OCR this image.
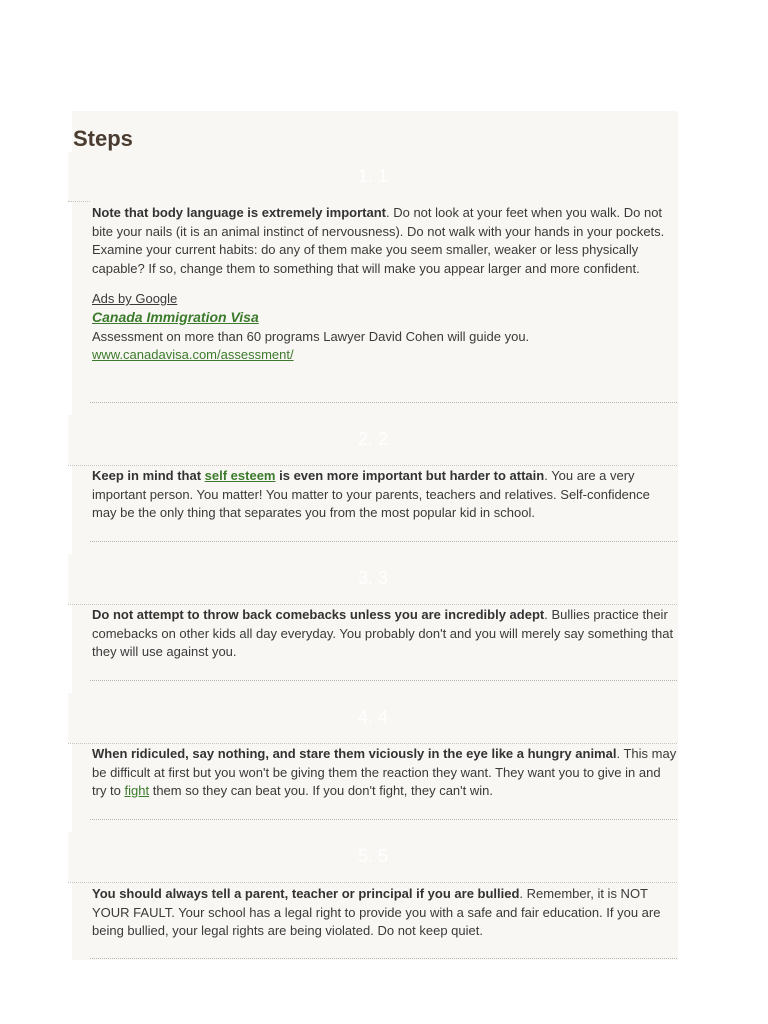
Steps
1. 1

Note that body language is extremely important. Do not look at your feet when you walk. Do not bite your nails (it is an animal instinct of nervousness). Do not walk with your hands in your pockets. Examine your current habits: do any of them make you seem smaller, weaker or less physically capable? If so, change them to something that will make you appear larger and more confident.

Ads by Google
Canada Immigration Visa
Assessment on more than 60 programs Lawyer David Cohen will guide you.
www.canadavisa.com/assessment/
2. 2

Keep in mind that self esteem is even more important but harder to attain. You are a very important person. You matter! You matter to your parents, teachers and relatives. Self-confidence may be the only thing that separates you from the most popular kid in school.

3. 3

Do not attempt to throw back comebacks unless you are incredibly adept. Bullies practice their comebacks on other kids all day everyday. You probably don't and you will merely say something that they will use against you.

4. 4

When ridiculed, say nothing, and stare them viciously in the eye like a hungry animal. This may be difficult at first but you won't be giving them the reaction they want. They want you to give in and try to fight them so they can beat you. If you don't fight, they can't win.

5. 5

You should always tell a parent, teacher or principal if you are bullied. Remember, it is NOT YOUR FAULT. Your school has a legal right to provide you with a safe and fair education. If you are being bullied, your legal rights are being violated. Do not keep quiet.
